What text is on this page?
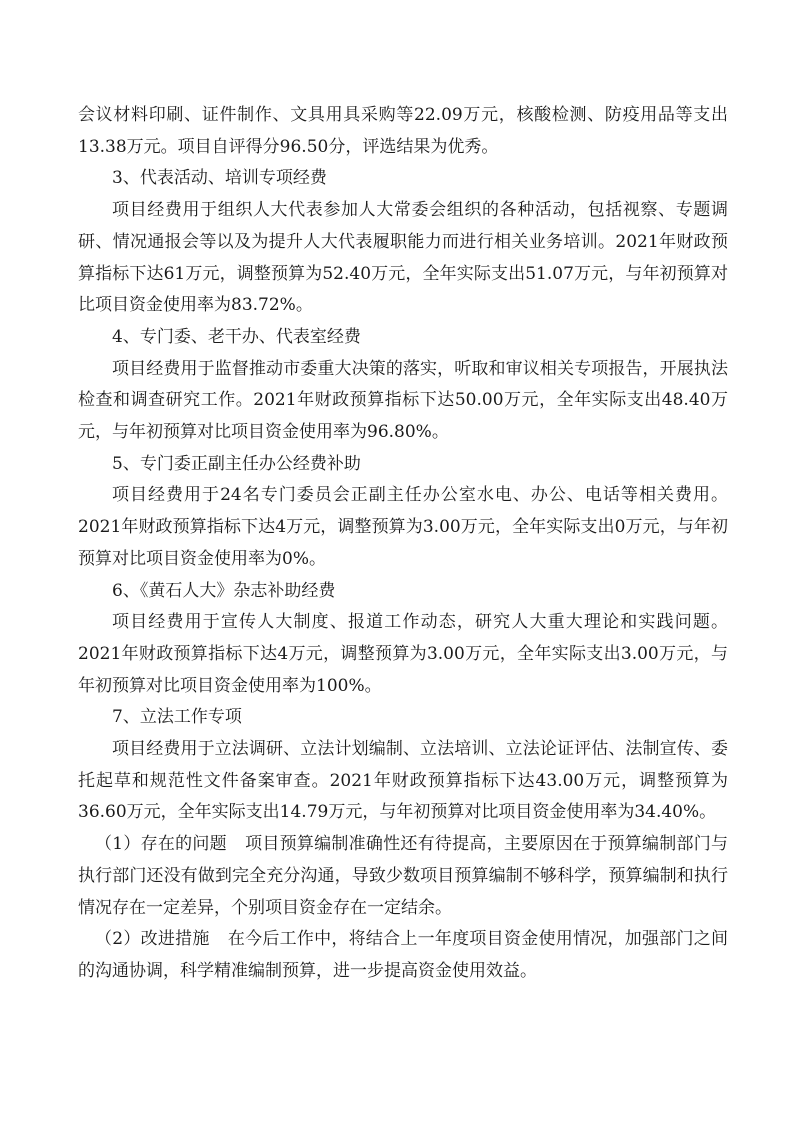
会议材料印刷、证件制作、文具用具采购等22.09万元，核酸检测、防疫用品等支出13.38万元。项目自评得分96.50分，评选结果为优秀。

3、代表活动、培训专项经费

项目经费用于组织人大代表参加人大常委会组织的各种活动，包括视察、专题调研、情况通报会等以及为提升人大代表履职能力而进行相关业务培训。2021年财政预算指标下达61万元，调整预算为52.40万元，全年实际支出51.07万元，与年初预算对比项目资金使用率为83.72%。

4、专门委、老干办、代表室经费

项目经费用于监督推动市委重大决策的落实，听取和审议相关专项报告，开展执法检查和调查研究工作。2021年财政预算指标下达50.00万元，全年实际支出48.40万元，与年初预算对比项目资金使用率为96.80%。

5、专门委正副主任办公经费补助

项目经费用于24名专门委员会正副主任办公室水电、办公、电话等相关费用。2021年财政预算指标下达4万元，调整预算为3.00万元，全年实际支出0万元，与年初预算对比项目资金使用率为0%。

6、《黄石人大》杂志补助经费

项目经费用于宣传人大制度、报道工作动态，研究人大重大理论和实践问题。2021年财政预算指标下达4万元，调整预算为3.00万元，全年实际支出3.00万元，与年初预算对比项目资金使用率为100%。

7、立法工作专项

项目经费用于立法调研、立法计划编制、立法培训、立法论证评估、法制宣传、委托起草和规范性文件备案审查。2021年财政预算指标下达43.00万元，调整预算为36.60万元，全年实际支出14.79万元，与年初预算对比项目资金使用率为34.40%。

（1）存在的问题 项目预算编制准确性还有待提高，主要原因在于预算编制部门与执行部门还没有做到完全充分沟通，导致少数项目预算编制不够科学，预算编制和执行情况存在一定差异，个别项目资金存在一定结余。

（2）改进措施 在今后工作中，将结合上一年度项目资金使用情况，加强部门之间的沟通协调，科学精准编制预算，进一步提高资金使用效益。
